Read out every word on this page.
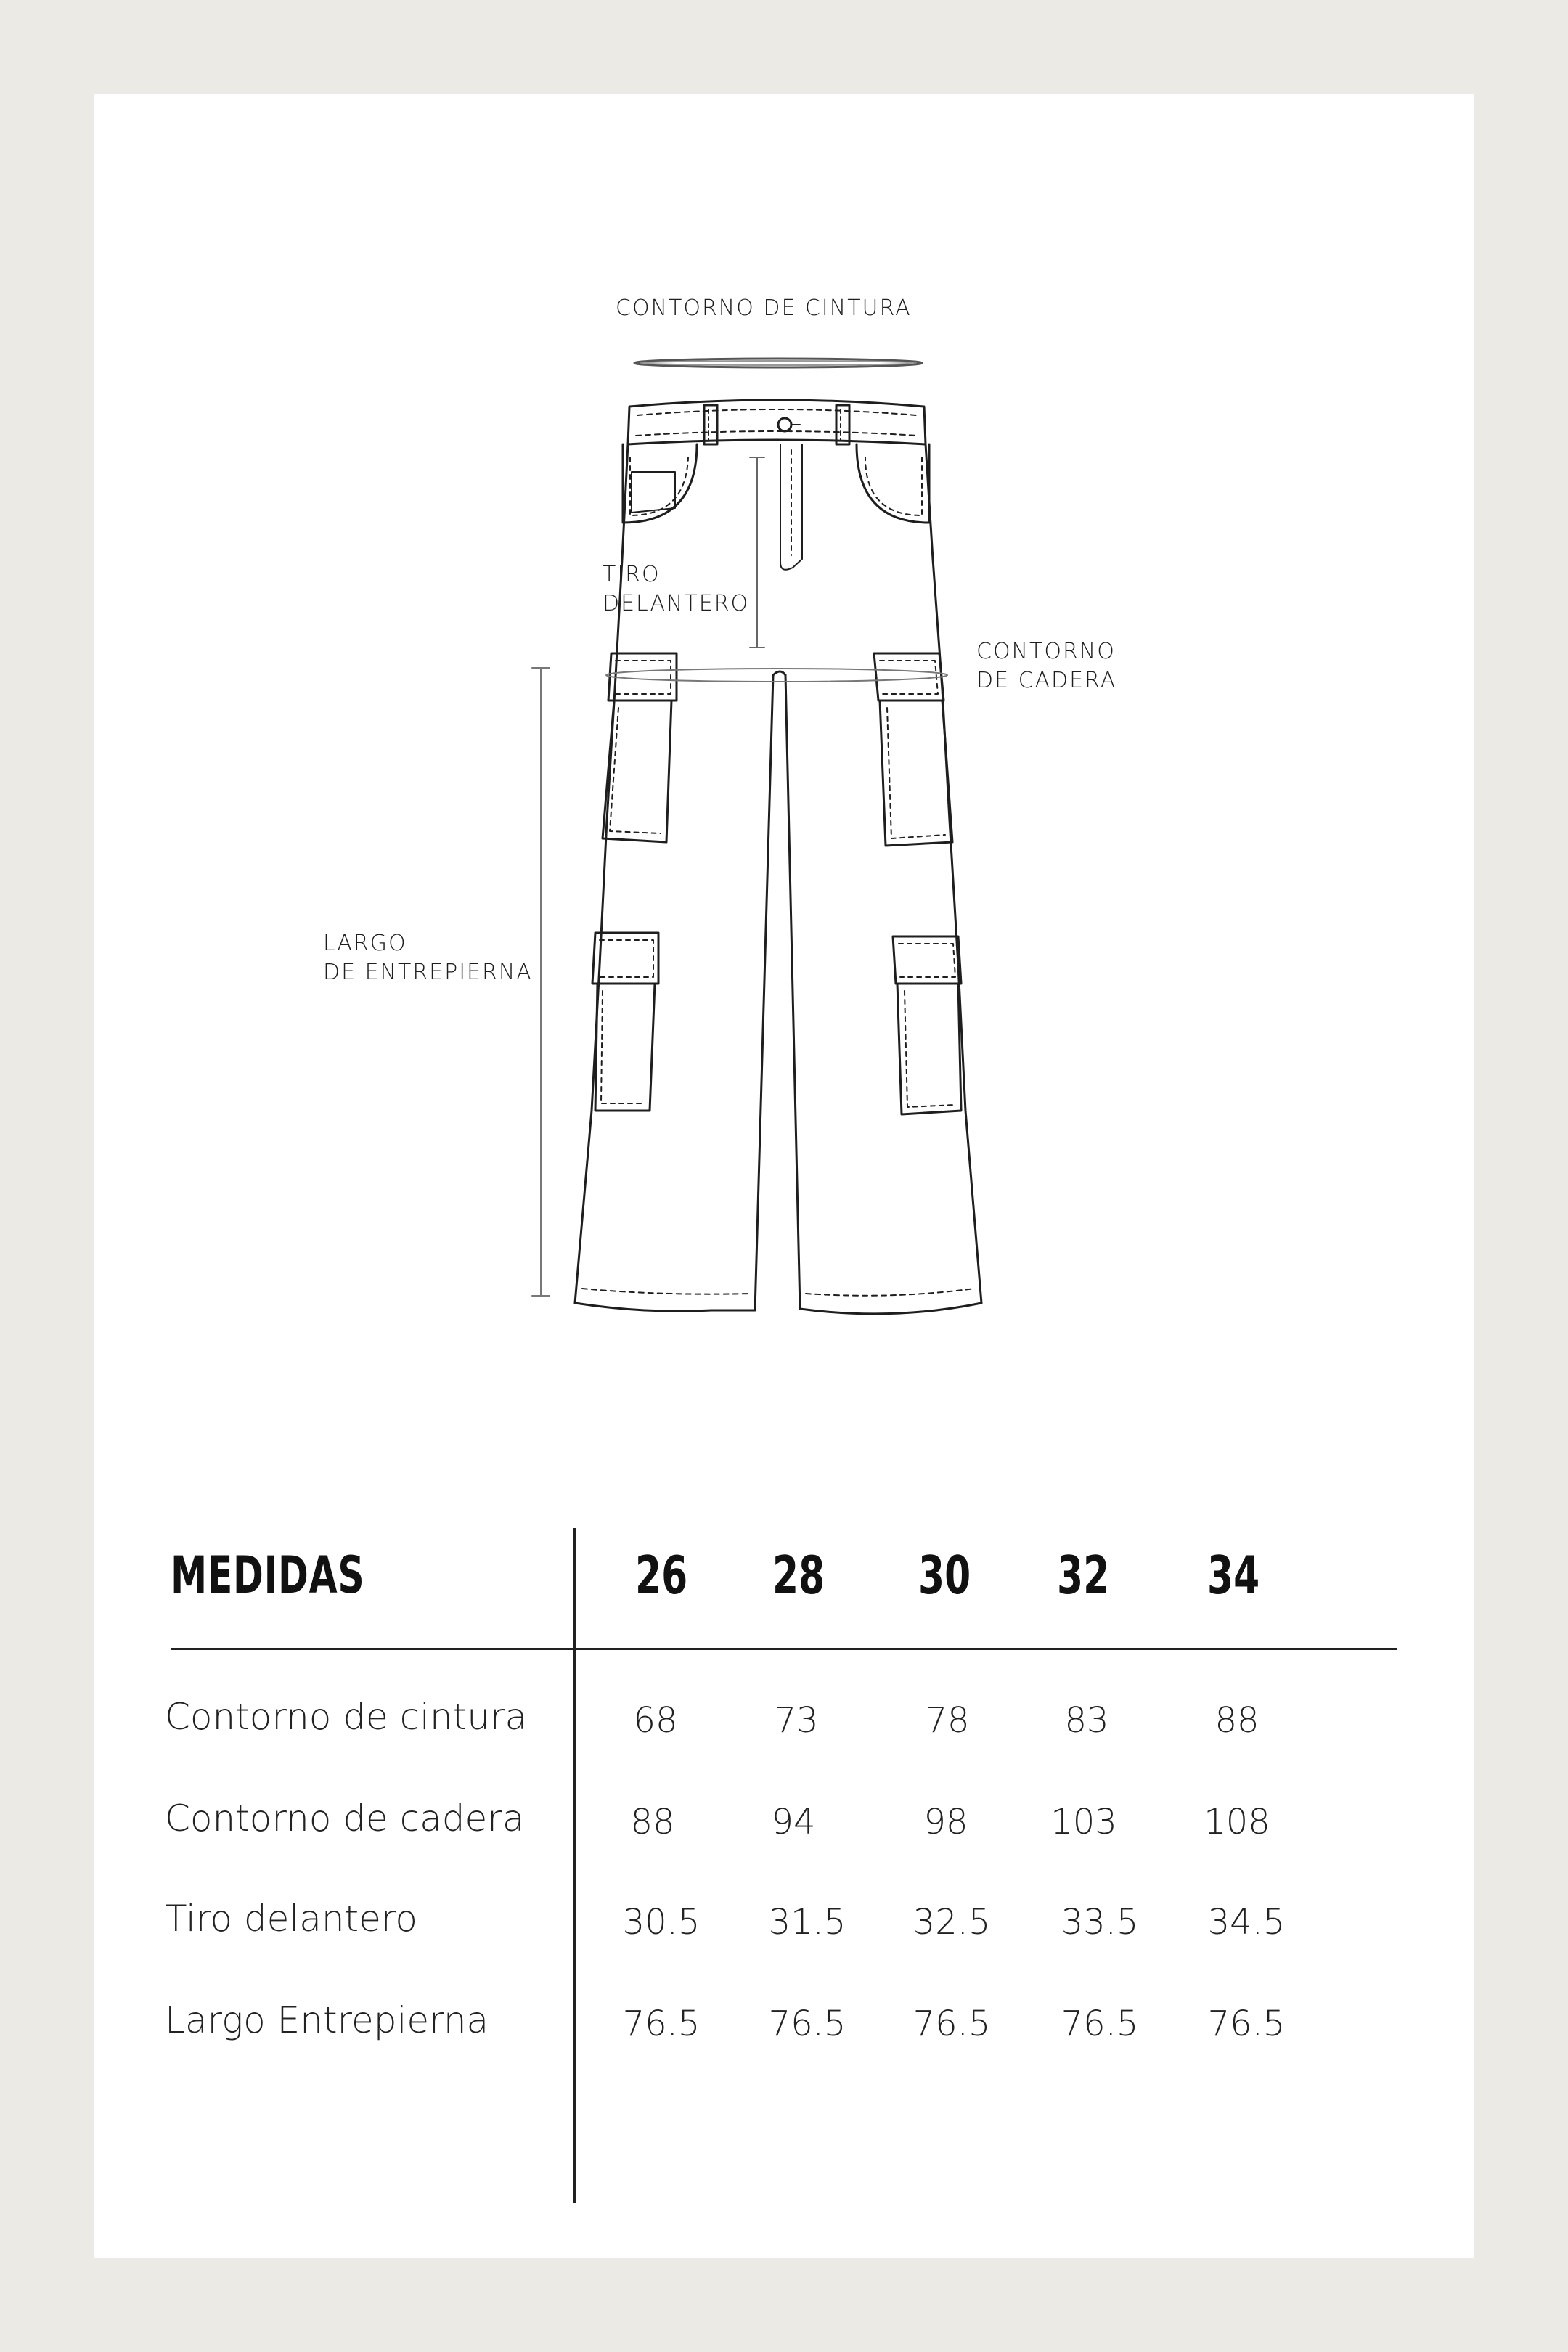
CONTORNO DE CINTURA
TIRO
DELANTERO
CONTORNO
DE CADERA
LARGO
DE ENTREPIERNA
MEDIDAS	26	28	30	32	34
Contorno de cintura	68	73	78	83	88
Contorno de cadera	88	94	98	103	108
Tiro delantero	30.5	31.5	32.5	33.5	34.5
Largo Entrepierna	76.5	76.5	76.5	76.5	76.5
